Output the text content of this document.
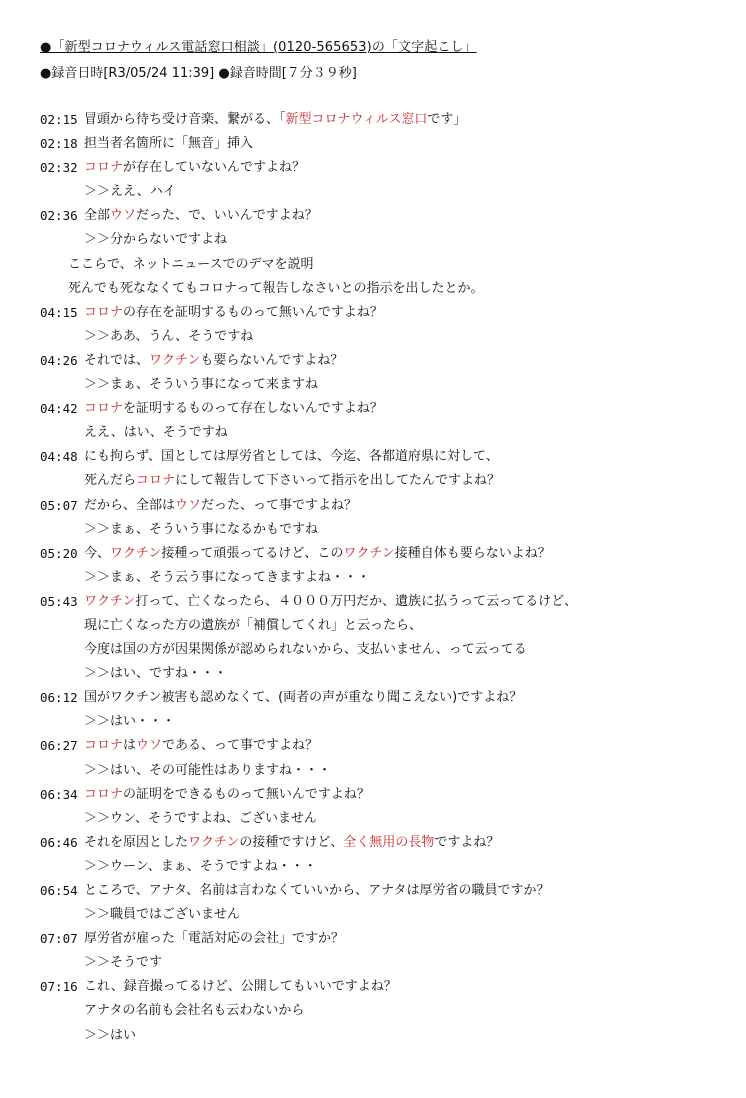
●「新型コロナウィルス電話窓口相談」(0120-565653)の「文字起こし」
●録音日時[R3/05/24 11:39] ●録音時間[７分３９秒]
02:15 冒頭から待ち受け音楽、繋がる、「新型コロナウィルス窓口です」
02:18 担当者名箇所に「無音」挿入
02:32 コロナが存在していないんですよね？
＞＞ええ、ハイ
02:36 全部ウソだった、で、いいんですよね？
＞＞分からないですよね
ここらで、ネットニュースでのデマを説明
死んでも死ななくてもコロナって報告しなさいとの指示を出したとか。
04:15 コロナの存在を証明するものって無いんですよね？
＞＞ああ、うん、そうですね
04:26 それでは、ワクチンも要らないんですよね？
＞＞まぁ、そういう事になって来ますね
04:42 コロナを証明するものって存在しないんですよね？
ええ、はい、そうですね
04:48 にも拘らず、国としては厚労省としては、今迄、各都道府県に対して、
死んだらコロナにして報告して下さいって指示を出してたんですよね？
05:07 だから、全部はウソだった、って事ですよね？
＞＞まぁ、そういう事になるかもですね
05:20 今、ワクチン接種って頑張ってるけど、このワクチン接種自体も要らないよね？
＞＞まぁ、そう云う事になってきますよね・・・
05:43 ワクチン打って、亡くなったら、４０００万円だか、遺族に払うって云ってるけど、
現に亡くなった方の遺族が「補償してくれ」と云ったら、
今度は国の方が因果関係が認められないから、支払いません、って云ってる
＞＞はい、ですね・・・
06:12 国がワクチン被害も認めなくて、(両者の声が重なり聞こえない)ですよね？
＞＞はい・・・
06:27 コロナはウソである、って事ですよね？
＞＞はい、その可能性はありますね・・・
06:34 コロナの証明をできるものって無いんですよね？
＞＞ウン、そうですよね、ございません
06:46 それを原因としたワクチンの接種ですけど、全く無用の長物ですよね？
＞＞ウーン、まぁ、そうですよね・・・
06:54 ところで、アナタ、名前は言わなくていいから、アナタは厚労省の職員ですか？
＞＞職員ではございません
07:07 厚労省が雇った「電話対応の会社」ですか？
＞＞そうです
07:16 これ、録音撮ってるけど、公開してもいいですよね？
アナタの名前も会社名も云わないから
＞＞はい
